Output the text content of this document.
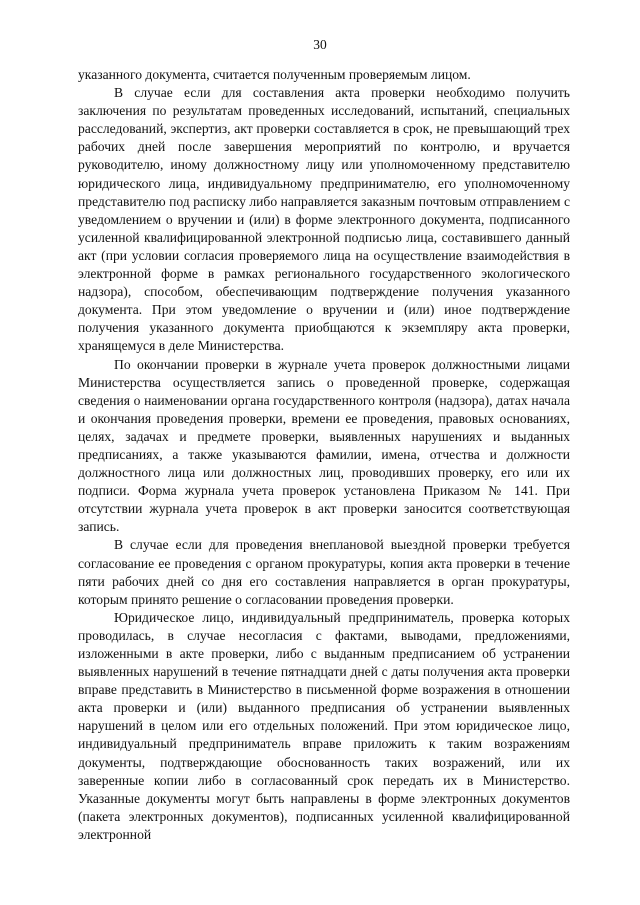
30

указанного документа, считается полученным проверяемым лицом.

В случае если для составления акта проверки необходимо получить заключения по результатам проведенных исследований, испытаний, специальных расследований, экспертиз, акт проверки составляется в срок, не превышающий трех рабочих дней после завершения мероприятий по контролю, и вручается руководителю, иному должностному лицу или уполномоченному представителю юридического лица, индивидуальному предпринимателю, его уполномоченному представителю под расписку либо направляется заказным почтовым отправлением с уведомлением о вручении и (или) в форме электронного документа, подписанного усиленной квалифицированной электронной подписью лица, составившего данный акт (при условии согласия проверяемого лица на осуществление взаимодействия в электронной форме в рамках регионального государственного экологического надзора), способом, обеспечивающим подтверждение получения указанного документа. При этом уведомление о вручении и (или) иное подтверждение получения указанного документа приобщаются к экземпляру акта проверки, хранящемуся в деле Министерства.

По окончании проверки в журнале учета проверок должностными лицами Министерства осуществляется запись о проведенной проверке, содержащая сведения о наименовании органа государственного контроля (надзора), датах начала и окончания проведения проверки, времени ее проведения, правовых основаниях, целях, задачах и предмете проверки, выявленных нарушениях и выданных предписаниях, а также указываются фамилии, имена, отчества и должности должностного лица или должностных лиц, проводивших проверку, его или их подписи. Форма журнала учета проверок установлена Приказом № 141. При отсутствии журнала учета проверок в акт проверки заносится соответствующая запись.

В случае если для проведения внеплановой выездной проверки требуется согласование ее проведения с органом прокуратуры, копия акта проверки в течение пяти рабочих дней со дня его составления направляется в орган прокуратуры, которым принято решение о согласовании проведения проверки.

Юридическое лицо, индивидуальный предприниматель, проверка которых проводилась, в случае несогласия с фактами, выводами, предложениями, изложенными в акте проверки, либо с выданным предписанием об устранении выявленных нарушений в течение пятнадцати дней с даты получения акта проверки вправе представить в Министерство в письменной форме возражения в отношении акта проверки и (или) выданного предписания об устранении выявленных нарушений в целом или его отдельных положений. При этом юридическое лицо, индивидуальный предприниматель вправе приложить к таким возражениям документы, подтверждающие обоснованность таких возражений, или их заверенные копии либо в согласованный срок передать их в Министерство. Указанные документы могут быть направлены в форме электронных документов (пакета электронных документов), подписанных усиленной квалифицированной электронной
